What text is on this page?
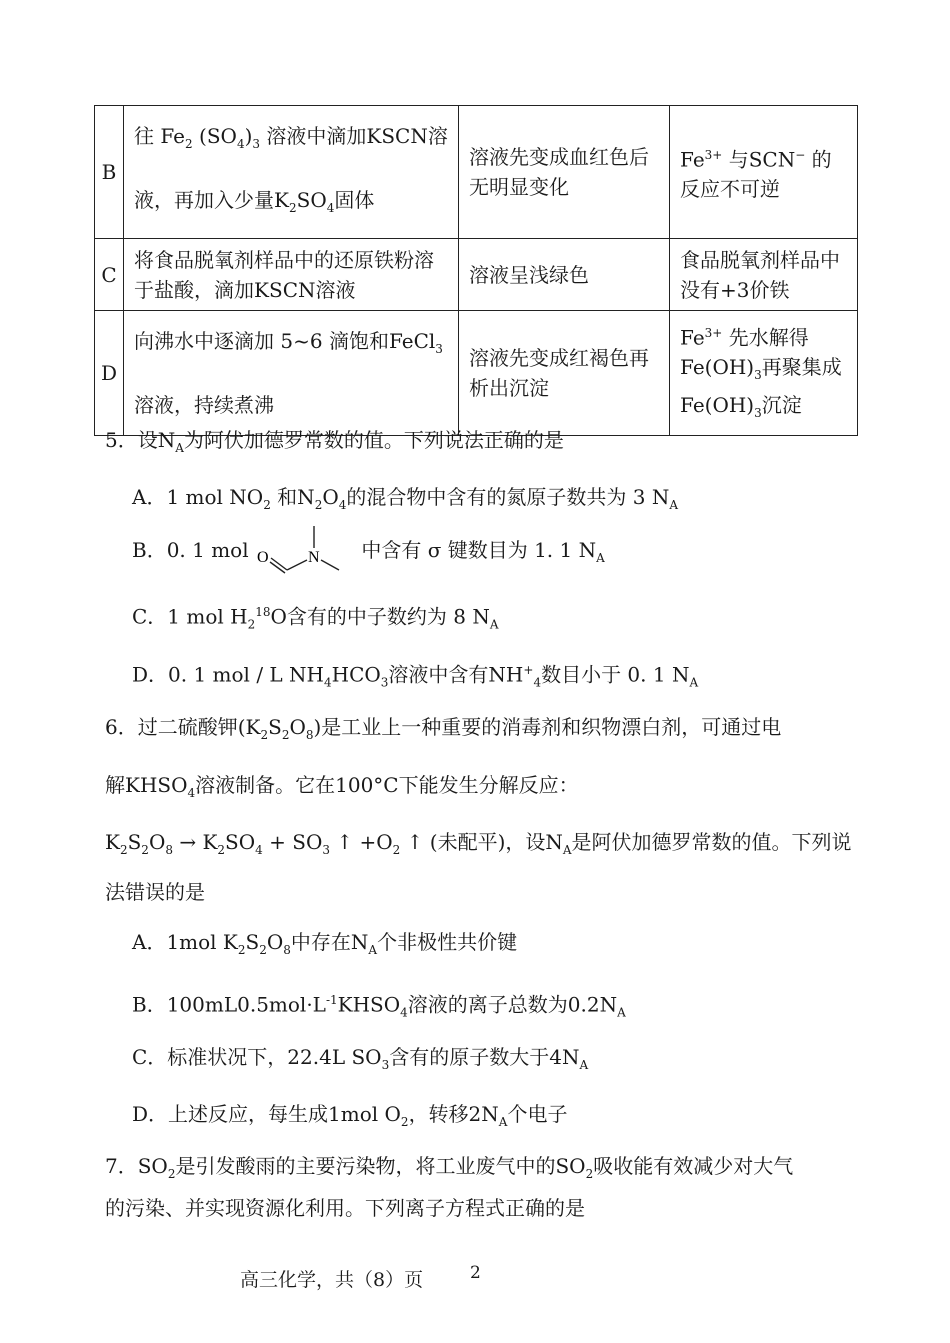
B	往 $Fe_2$ $(SO_4)_3$ 溶液中滴加KSCN溶液，再加入少量$K_2SO_4$固体	溶液先变成血红色后无明显变化	$Fe^{3+}$ 与SCN− 的反应不可逆
C	将食品脱氧剂样品中的还原铁粉溶于盐酸，滴加KSCN溶液	溶液呈浅绿色	食品脱氧剂样品中没有+3价铁
D	向沸水中逐滴加 5~6 滴饱和FeCl$_3$ 溶液，持续煮沸	溶液先变成红褐色再析出沉淀	$Fe^{3+}$ 先水解得$Fe(OH)_3$再聚集成$Fe(OH)_3$沉淀
5．设$N_A$为阿伏加德罗常数的值。下列说法正确的是
A．1 mol $NO_2$ 和$N_2O_4$的混合物中含有的氮原子数共为 3 $N_A$
B．0. 1 mol O N 中含有 σ 键数目为 1. 1 $N_A$
C．1 mol $H_2^{18}O$含有的中子数约为 8 $N_A$
D．0. 1 mol / L $NH_4HCO_3$溶液中含有$NH^+_4$数目小于 0. 1 $N_A$
6．过二硫酸钾$(K_2S_2O_8)$是工业上一种重要的消毒剂和织物漂白剂，可通过电
解$KHSO_4$溶液制备。它在100°C下能发生分解反应：
$K_2S_2O_8 \to K_2SO_4 + SO_3$ ↑ $+O_2$ ↑ (未配平)，设$N_A$是阿伏加德罗常数的值。下列说
法错误的是
A．1mol $K_2S_2O_8$中存在$N_A$个非极性共价键
B．$100mL0.5mol\cdot L^{-1}KHSO_4$溶液的离子总数为$0.2N_A$
C．标准状况下，22.4L $SO_3$含有的原子数大于$4N_A$
D．上述反应，每生成1mol $O_2$，转移$2N_A$个电子
7．$SO_2$是引发酸雨的主要污染物，将工业废气中的$SO_2$吸收能有效减少对大气
的污染、并实现资源化利用。下列离子方程式正确的是
高三化学，共（8）页	2
